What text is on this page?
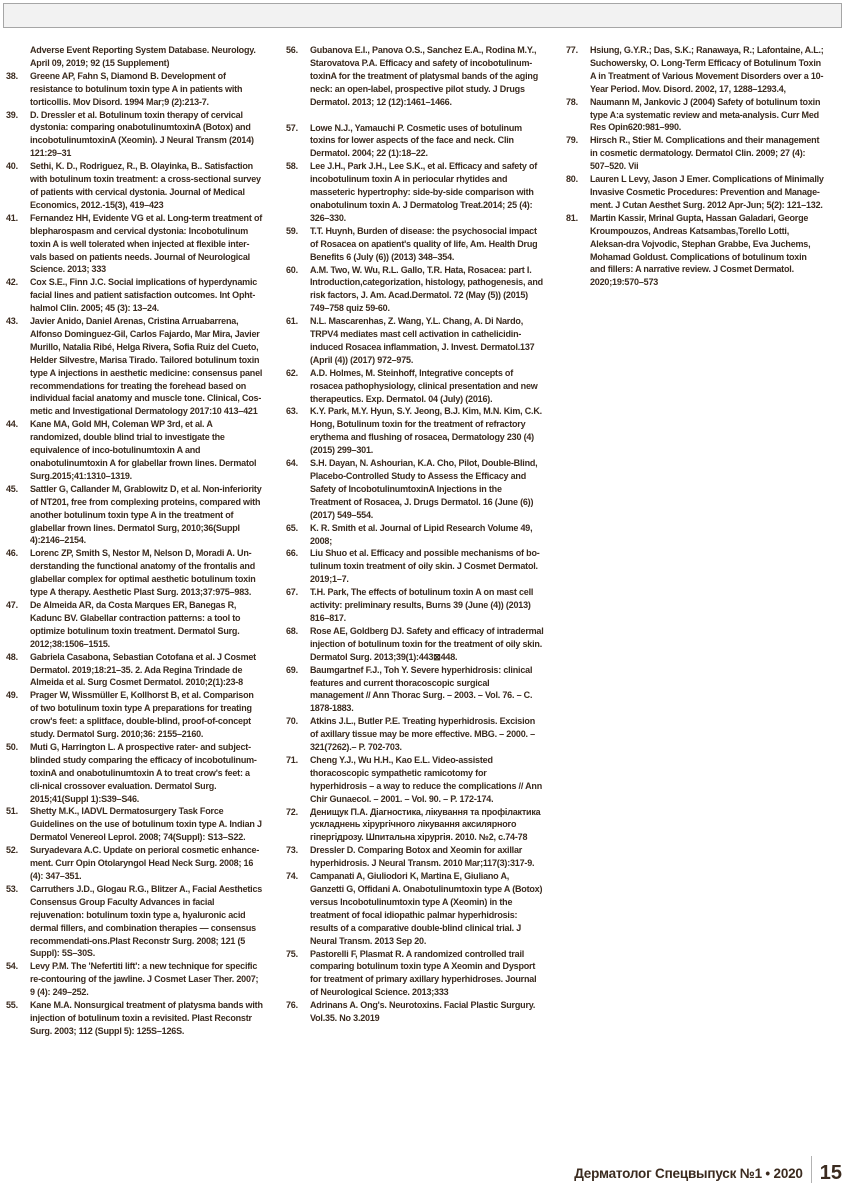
Adverse Event Reporting System Database. Neurology. April 09, 2019; 92 (15 Supplement)
38.	Greene AP, Fahn S, Diamond B. Development of resistance to botulinum toxin type A in patients with torticollis. Mov Disord. 1994 Mar;9 (2):213-7.
39.	D. Dressler et al. Botulinum toxin therapy of cervical dystonia: comparing onabotulinumtoxinA (Botox) and incobotulinumtoxinA (Xeomin). J Neural Transm (2014) 121:29–31
40.	Sethi, K. D., Rodriguez, R., B. Olayinka, B.. Satisfaction with botulinum toxin treatment: a cross-sectional survey of patients with cervical dystonia. Journal of Medical Economics, 2012.-15(3), 419–423
41.	Fernandez HH, Evidente VG et al. Long-term treatment of blepharospasm and cervical dystonia: Incobotulinum toxin A is well tolerated when injected at flexible inter-vals based on patients needs. Journal of Neurological Science. 2013; 333
42.	Cox S.E., Finn J.C. Social implications of hyperdynamic facial lines and patient satisfaction outcomes. Int Opht-halmol Clin. 2005; 45 (3): 13–24.
43.	Javier Anido, Daniel Arenas, Cristina Arruabarrena, Alfonso Dominguez-Gil, Carlos Fajardo, Mar Mira, Javier Murillo, Natalia Ribé, Helga Rivera, Sofia Ruiz del Cueto, Helder Silvestre, Marisa Tirado. Tailored botulinum toxin type A injections in aesthetic medicine: consensus panel recommendations for treating the forehead based on individual facial anatomy and muscle tone. Clinical, Cos-metic and Investigational Dermatology 2017:10 413–421
44.	Kane MA, Gold MH, Coleman WP 3rd, et al. A randomized, double blind trial to investigate the equivalence of inco-botulinumtoxin A and onabotulinumtoxin A for glabellar frown lines. Dermatol Surg.2015;41:1310–1319.
45.	Sattler G, Callander M, Grablowitz D, et al. Non-inferiority of NT201, free from complexing proteins, compared with another botulinum toxin type A in the treatment of glabellar frown lines. Dermatol Surg, 2010;36(Suppl 4):2146–2154.
46.	Lorenc ZP, Smith S, Nestor M, Nelson D, Moradi A. Un-derstanding the functional anatomy of the frontalis and glabellar complex for optimal aesthetic botulinum toxin type A therapy. Aesthetic Plast Surg. 2013;37:975–983.
47.	De Almeida AR, da Costa Marques ER, Banegas R, Kadunc BV. Glabellar contraction patterns: a tool to optimize botulinum toxin treatment. Dermatol Surg. 2012;38:1506–1515.
48.	Gabriela Casabona, Sebastian Cotofana et al. J Cosmet Dermatol. 2019;18:21–35. 2. Ada Regina Trindade de Almeida et al. Surg Cosmet Dermatol. 2010;2(1):23-8
49.	Prager W, Wissmüller E, Kollhorst B, et al. Comparison of two botulinum toxin type A preparations for treating crow's feet: a splitface, double-blind, proof-of-concept study. Dermatol Surg. 2010;36: 2155–2160.
50.	Muti G, Harrington L. A prospective rater- and subject-blinded study comparing the efficacy of incobotulinum-toxinA and onabotulinumtoxin A to treat crow's feet: a cli-nical crossover evaluation. Dermatol Surg. 2015;41(Suppl 1):S39–S46.
51.	Shetty M.K., IADVL Dermatosurgery Task Force Guidelines on the use of botulinum toxin type A. Indian J Dermatol Venereol Leprol. 2008; 74(Suppl): S13–S22.
52.	Suryadevara A.C. Update on perioral cosmetic enhance-ment. Curr Opin Otolaryngol Head Neck Surg. 2008; 16 (4): 347–351.
53.	Carruthers J.D., Glogau R.G., Blitzer A., Facial Aesthetics Consensus Group Faculty Advances in facial rejuvenation: botulinum toxin type a, hyaluronic acid dermal fillers, and combination therapies — consensus recommendati-ons.Plast Reconstr Surg. 2008; 121 (5 Suppl): 5S–30S.
54.	Levy P.M. The 'Nefertiti lift': a new technique for specific re-contouring of the jawline. J Cosmet Laser Ther. 2007; 9 (4): 249–252.
55.	Kane M.A. Nonsurgical treatment of platysma bands with injection of botulinum toxin a revisited. Plast Reconstr Surg. 2003; 112 (Suppl 5): 125S–126S.
56.	Gubanova E.I., Panova O.S., Sanchez E.A., Rodina M.Y., Starovatova P.A. Efficacy and safety of incobotulinum-toxinA for the treatment of platysmal bands of the aging neck: an open-label, prospective pilot study. J Drugs Dermatol. 2013; 12 (12):1461–1466.
57.	Lowe N.J., Yamauchi P. Cosmetic uses of botulinum toxins for lower aspects of the face and neck. Clin Dermatol. 2004; 22 (1):18–22.
58.	Lee J.H., Park J.H., Lee S.K., et al. Efficacy and safety of incobotulinum toxin A in periocular rhytides and masseteric hypertrophy: side-by-side comparison with onabotulinum toxin A. J Dermatolog Treat.2014; 25 (4): 326–330.
59.	T.T. Huynh, Burden of disease: the psychosocial impact of Rosacea on apatient's quality of life, Am. Health Drug Benefits 6 (July (6)) (2013) 348–354.
60.	A.M. Two, W. Wu, R.L. Gallo, T.R. Hata, Rosacea: part I. Introduction,categorization, histology, pathogenesis, and risk factors, J. Am. Acad.Dermatol. 72 (May (5)) (2015) 749–758 quiz 59-60.
61.	N.L. Mascarenhas, Z. Wang, Y.L. Chang, A. Di Nardo, TRPV4 mediates mast cell activation in cathelicidin-induced Rosacea inflammation, J. Invest. Dermatol.137 (April (4)) (2017) 972–975.
62.	A.D. Holmes, M. Steinhoff, Integrative concepts of rosacea pathophysiology, clinical presentation and new therapeutics. Exp. Dermatol. 04 (July) (2016).
63.	K.Y. Park, M.Y. Hyun, S.Y. Jeong, B.J. Kim, M.N. Kim, C.K. Hong, Botulinum toxin for the treatment of refractory erythema and flushing of rosacea, Dermatology 230 (4) (2015) 299–301.
64.	S.H. Dayan, N. Ashourian, K.A. Cho, Pilot, Double-Blind, Placebo-Controlled Study to Assess the Efficacy and Safety of IncobotulinumtoxinA Injections in the Treatment of Rosacea, J. Drugs Dermatol. 16 (June (6)) (2017) 549–554.
65.	K. R. Smith et al. Journal of Lipid Research Volume 49, 2008;
66.	Liu Shuo et al. Efficacy and possible mechanisms of bo-tulinum toxin treatment of oily skin. J Cosmet Dermatol. 2019;1–7.
67.	T.H. Park, The effects of botulinum toxin A on mast cell activity: preliminary results, Burns 39 (June (4)) (2013) 816–817.
68.	Rose AE, Goldberg DJ. Safety and efficacy of intradermal injection of botulinum toxin for the treatment of oily skin. Dermatol Surg. 2013;39(1):443⊠448.
69.	Baumgartnef F.J., Toh Y. Severe hyperhidrosis: clinical features and current thoracoscopic surgical management // Ann Thorac Surg. – 2003. – Vol. 76. – C. 1878-1883.
70.	Atkins J.L., Butler P.E. Treating hyperhidrosis. Excision of axillary tissue may be more effective. MBG. – 2000. – 321(7262).– P. 702-703.
71.	Cheng Y.J., Wu H.H., Kao E.L. Video-assisted thoracoscopic sympathetic ramicotomy for hyperhidrosis – a way to reduce the complications // Ann Chir Gunaecol. – 2001. – Vol. 90. – P. 172-174.
72.	Денищук П.А. Діагностика, лікування та профілактика ускладнень хірургічного лікування аксилярного гіпергідрозу. Шпитальна хірургія. 2010. №2, с.74-78
73.	Dressler D. Comparing Botox and Xeomin for axillar hyperhidrosis. J Neural Transm. 2010 Mar;117(3):317-9.
74.	Campanati A, Giuliodori K, Martina E, Giuliano A, Ganzetti G, Offidani A. Onabotulinumtoxin type A (Botox) versus Incobotulinumtoxin type A (Xeomin) in the treatment of focal idiopathic palmar hyperhidrosis: results of a comparative double-blind clinical trial. J Neural Transm. 2013 Sep 20.
75.	Pastorelli F, Plasmat R. A randomized controlled trail comparing botulinum toxin type A Xeomin and Dysport for treatment of primary axillary hyperhidroses. Journal of Neurological Science. 2013;333
76.	Adrinans A. Ong's. Neurotoxins. Facial Plastic Surgury. Vol.35. No 3.2019
77.	Hsiung, G.Y.R.; Das, S.K.; Ranawaya, R.; Lafontaine, A.L.; Suchowersky, O. Long-Term Efficacy of Botulinum Toxin A in Treatment of Various Movement Disorders over a 10-Year Period. Mov. Disord. 2002, 17, 1288–1293.4,
78.	Naumann M, Jankovic J (2004) Safety of botulinum toxin type A:a systematic review and meta-analysis. Curr Med Res Opin620:981–990.
79.	Hirsch R., Stier M. Complications and their management in cosmetic dermatology. Dermatol Clin. 2009; 27 (4): 507–520. Vii
80.	Lauren L Levy, Jason J Emer. Complications of Minimally Invasive Cosmetic Procedures: Prevention and Manage-ment. J Cutan Aesthet Surg. 2012 Apr-Jun; 5(2): 121–132.
81.	Martin Kassir, Mrinal Gupta, Hassan Galadari, George Kroumpouzos, Andreas Katsambas,Torello Lotti, Aleksan-dra Vojvodic, Stephan Grabbe, Eva Juchems, Mohamad Goldust. Complications of botulinum toxin and fillers: A narrative review. J Cosmet Dermatol. 2020;19:570–573
Дерматолог Спецвыпуск №1 • 2020 15
